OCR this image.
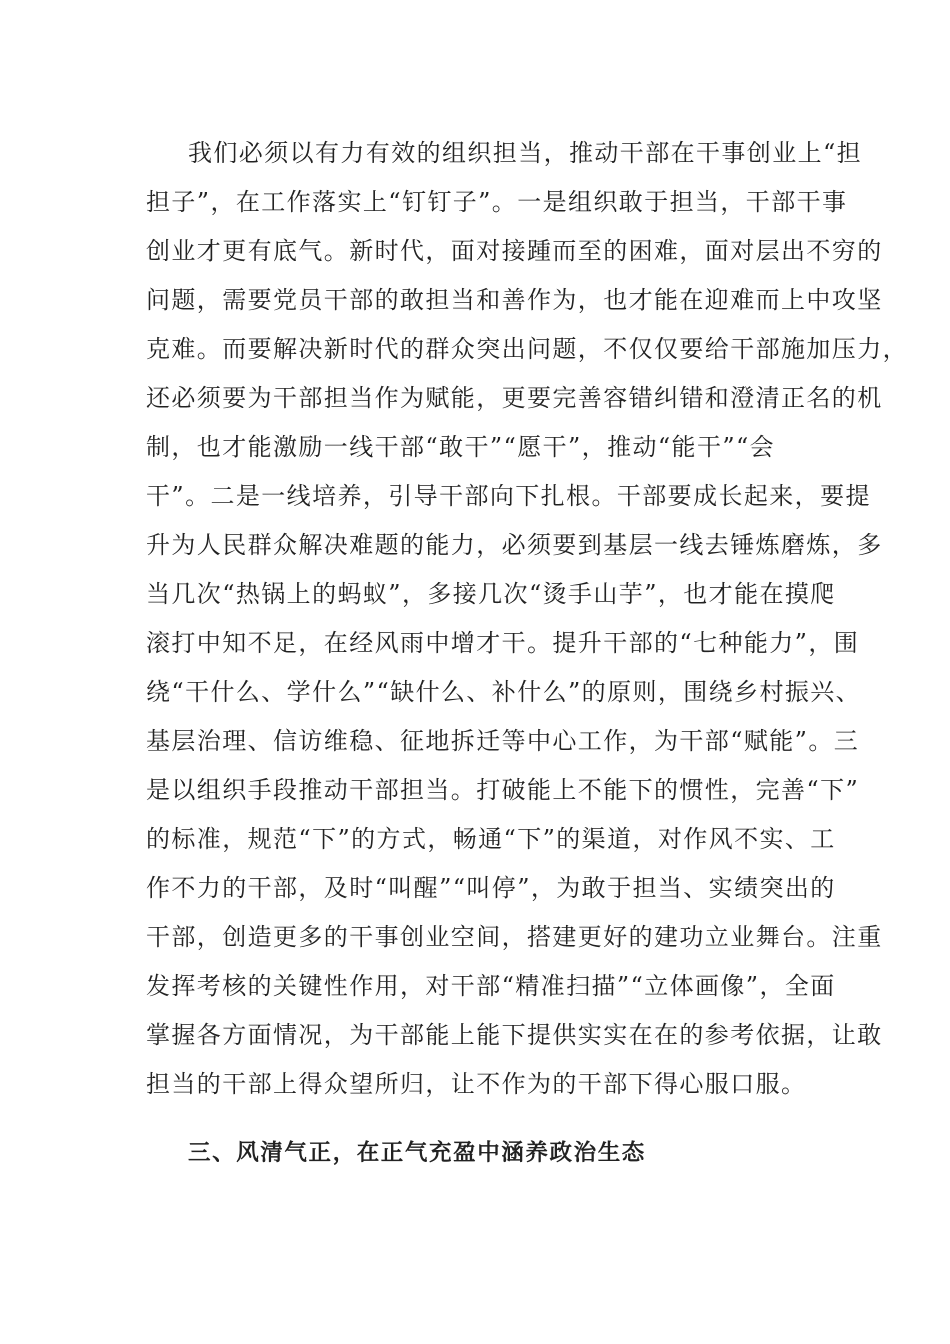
我们必须以有力有效的组织担当，推动干部在干事创业上“担
担子”，在工作落实上“钉钉子”。一是组织敢于担当，干部干事
创业才更有底气。新时代，面对接踵而至的困难，面对层出不穷的
问题，需要党员干部的敢担当和善作为，也才能在迎难而上中攻坚
克难。而要解决新时代的群众突出问题，不仅仅要给干部施加压力，
还必须要为干部担当作为赋能，更要完善容错纠错和澄清正名的机
制，也才能激励一线干部“敢干”“愿干”，推动“能干”“会
干”。二是一线培养，引导干部向下扎根。干部要成长起来，要提
升为人民群众解决难题的能力，必须要到基层一线去锤炼磨炼，多
当几次“热锅上的蚂蚁”，多接几次“烫手山芋”，也才能在摸爬
滚打中知不足，在经风雨中增才干。提升干部的“七种能力”，围
绕“干什么、学什么”“缺什么、补什么”的原则，围绕乡村振兴、
基层治理、信访维稳、征地拆迁等中心工作，为干部“赋能”。三
是以组织手段推动干部担当。打破能上不能下的惯性，完善“下”
的标准，规范“下”的方式，畅通“下”的渠道，对作风不实、工
作不力的干部，及时“叫醒”“叫停”，为敢于担当、实绩突出的
干部，创造更多的干事创业空间，搭建更好的建功立业舞台。注重
发挥考核的关键性作用，对干部“精准扫描”“立体画像”，全面
掌握各方面情况，为干部能上能下提供实实在在的参考依据，让敢
担当的干部上得众望所归，让不作为的干部下得心服口服。
三、风清气正，在正气充盈中涵养政治生态
